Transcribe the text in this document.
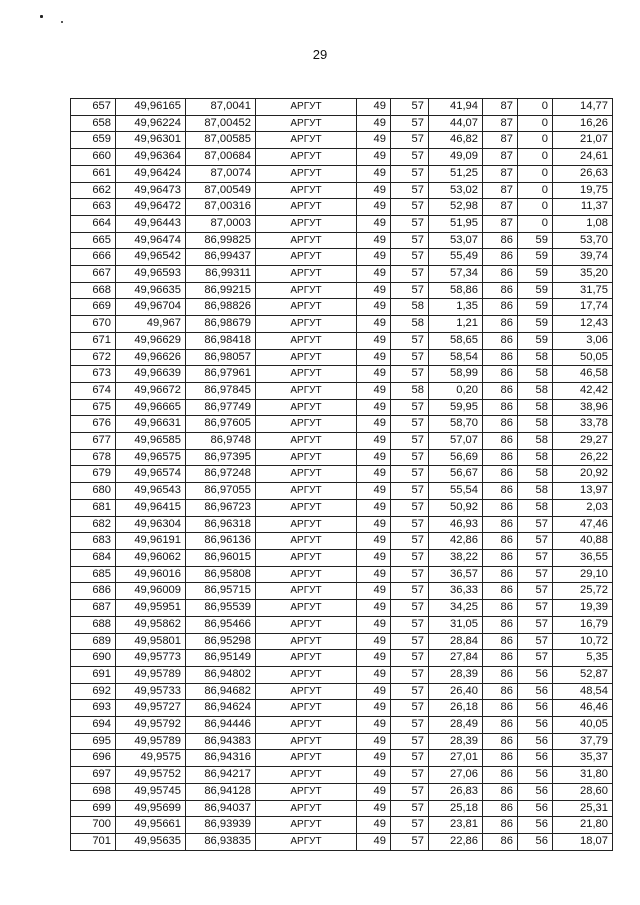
29
657	49,96165	87,0041	АРГУТ	49	57	41,94	87	0	14,77
658	49,96224	87,00452	АРГУТ	49	57	44,07	87	0	16,26
659	49,96301	87,00585	АРГУТ	49	57	46,82	87	0	21,07
660	49,96364	87,00684	АРГУТ	49	57	49,09	87	0	24,61
661	49,96424	87,0074	АРГУТ	49	57	51,25	87	0	26,63
662	49,96473	87,00549	АРГУТ	49	57	53,02	87	0	19,75
663	49,96472	87,00316	АРГУТ	49	57	52,98	87	0	11,37
664	49,96443	87,0003	АРГУТ	49	57	51,95	87	0	1,08
665	49,96474	86,99825	АРГУТ	49	57	53,07	86	59	53,70
666	49,96542	86,99437	АРГУТ	49	57	55,49	86	59	39,74
667	49,96593	86,99311	АРГУТ	49	57	57,34	86	59	35,20
668	49,96635	86,99215	АРГУТ	49	57	58,86	86	59	31,75
669	49,96704	86,98826	АРГУТ	49	58	1,35	86	59	17,74
670	49,967	86,98679	АРГУТ	49	58	1,21	86	59	12,43
671	49,96629	86,98418	АРГУТ	49	57	58,65	86	59	3,06
672	49,96626	86,98057	АРГУТ	49	57	58,54	86	58	50,05
673	49,96639	86,97961	АРГУТ	49	57	58,99	86	58	46,58
674	49,96672	86,97845	АРГУТ	49	58	0,20	86	58	42,42
675	49,96665	86,97749	АРГУТ	49	57	59,95	86	58	38,96
676	49,96631	86,97605	АРГУТ	49	57	58,70	86	58	33,78
677	49,96585	86,9748	АРГУТ	49	57	57,07	86	58	29,27
678	49,96575	86,97395	АРГУТ	49	57	56,69	86	58	26,22
679	49,96574	86,97248	АРГУТ	49	57	56,67	86	58	20,92
680	49,96543	86,97055	АРГУТ	49	57	55,54	86	58	13,97
681	49,96415	86,96723	АРГУТ	49	57	50,92	86	58	2,03
682	49,96304	86,96318	АРГУТ	49	57	46,93	86	57	47,46
683	49,96191	86,96136	АРГУТ	49	57	42,86	86	57	40,88
684	49,96062	86,96015	АРГУТ	49	57	38,22	86	57	36,55
685	49,96016	86,95808	АРГУТ	49	57	36,57	86	57	29,10
686	49,96009	86,95715	АРГУТ	49	57	36,33	86	57	25,72
687	49,95951	86,95539	АРГУТ	49	57	34,25	86	57	19,39
688	49,95862	86,95466	АРГУТ	49	57	31,05	86	57	16,79
689	49,95801	86,95298	АРГУТ	49	57	28,84	86	57	10,72
690	49,95773	86,95149	АРГУТ	49	57	27,84	86	57	5,35
691	49,95789	86,94802	АРГУТ	49	57	28,39	86	56	52,87
692	49,95733	86,94682	АРГУТ	49	57	26,40	86	56	48,54
693	49,95727	86,94624	АРГУТ	49	57	26,18	86	56	46,46
694	49,95792	86,94446	АРГУТ	49	57	28,49	86	56	40,05
695	49,95789	86,94383	АРГУТ	49	57	28,39	86	56	37,79
696	49,9575	86,94316	АРГУТ	49	57	27,01	86	56	35,37
697	49,95752	86,94217	АРГУТ	49	57	27,06	86	56	31,80
698	49,95745	86,94128	АРГУТ	49	57	26,83	86	56	28,60
699	49,95699	86,94037	АРГУТ	49	57	25,18	86	56	25,31
700	49,95661	86,93939	АРГУТ	49	57	23,81	86	56	21,80
701	49,95635	86,93835	АРГУТ	49	57	22,86	86	56	18,07
